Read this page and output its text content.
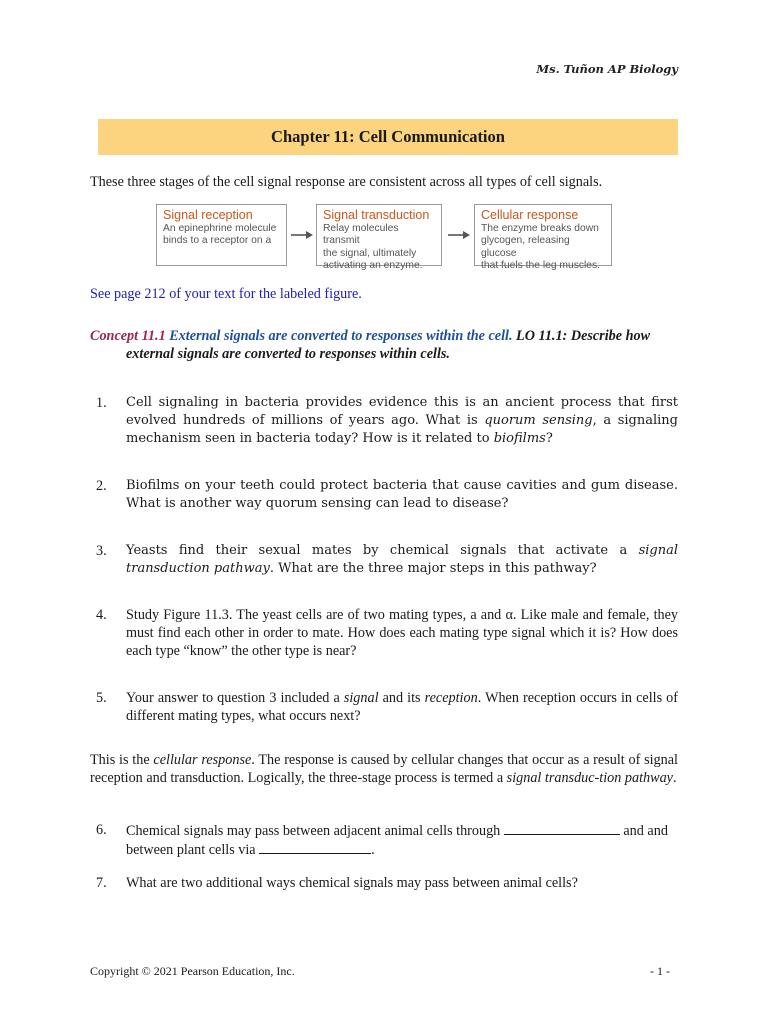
Ms. Tuñon AP Biology
Chapter 11: Cell Communication
These three stages of the cell signal response are consistent across all types of cell signals.
Signal reception
An epinephrine molecule
binds to a receptor on a
Signal transduction
Relay molecules transmit
the signal, ultimately
activating an enzyme.
Cellular response
The enzyme breaks down
glycogen, releasing glucose
that fuels the leg muscles.
See page 212 of your text for the labeled figure.
Concept 11.1 External signals are converted to responses within the cell. LO 11.1: Describe how
external signals are converted to responses within cells.
1. Cell signaling in bacteria provides evidence this is an ancient process that first evolved hundreds of millions of years ago. What is quorum sensing, a signaling mechanism seen in bacteria today? How is it related to biofilms?
2. Biofilms on your teeth could protect bacteria that cause cavities and gum disease. What is another way quorum sensing can lead to disease?
3. Yeasts find their sexual mates by chemical signals that activate a signal transduction pathway. What are the three major steps in this pathway?
4. Study Figure 11.3. The yeast cells are of two mating types, a and α. Like male and female, they must find each other in order to mate. How does each mating type signal which it is? How does each type “know” the other type is near?
5. Your answer to question 3 included a signal and its reception. When reception occurs in cells of different mating types, what occurs next?
This is the cellular response. The response is caused by cellular changes that occur as a result of signal reception and transduction. Logically, the three-stage process is termed a signal transduc-tion pathway.
6. Chemical signals may pass between adjacent animal cells through	and and between plant cells via	.
7. What are two additional ways chemical signals may pass between animal cells?
Copyright © 2021 Pearson Education, Inc.	- 1 -
